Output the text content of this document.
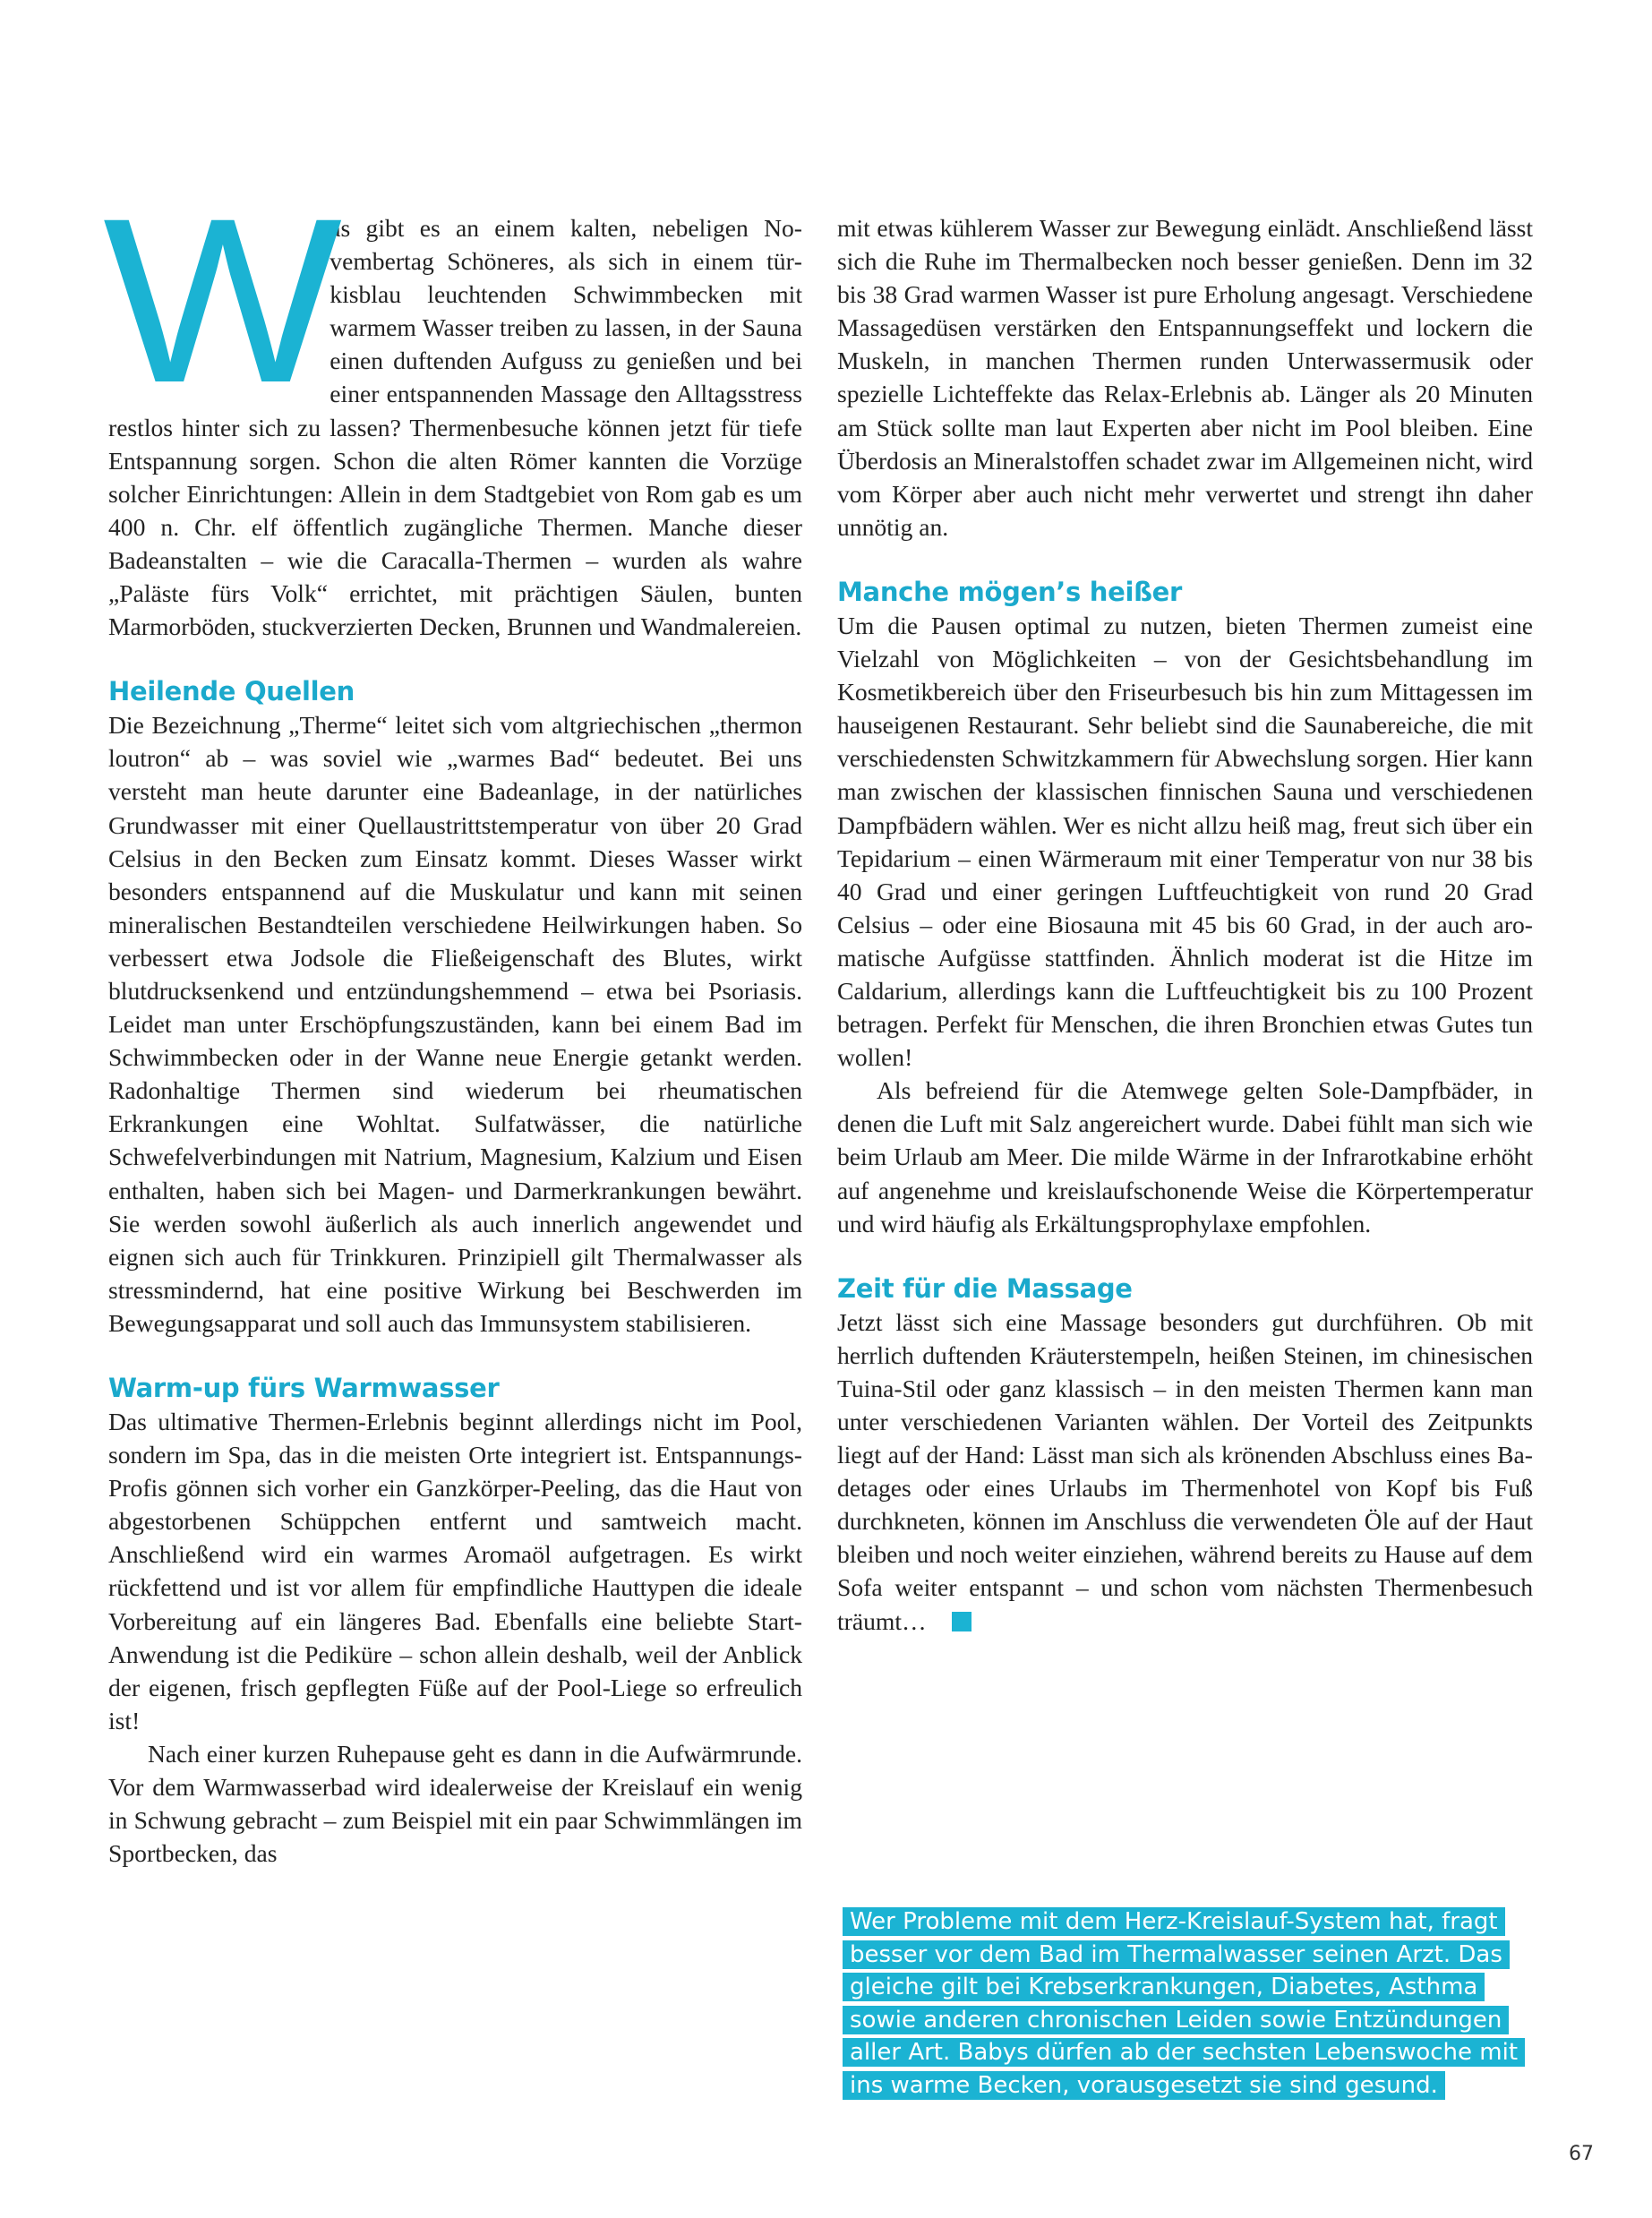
W

as gibt es an einem kalten, nebeligen Novembertag Schöneres, als sich in einem türkisblau leuchtenden Schwimmbecken mit warmem Wasser treiben zu lassen, in der Sauna einen duftenden Aufguss zu genießen und bei einer entspannenden Massage den Alltagsstress restlos hinter sich zu lassen? Thermenbesuche können jetzt für tiefe Entspannung sorgen. Schon die alten Römer kannten die Vorzüge solcher Einrichtungen: Allein in dem Stadtgebiet von Rom gab es um 400 n. Chr. elf öffentlich zugängliche Thermen. Manche dieser Badeanstalten – wie die Caracalla-Thermen – wurden als wahre „Paläste fürs Volk“ errichtet, mit prächtigen Säulen, bunten Marmorböden, stuckverzierten Decken, Brunnen und Wandmalereien.

Heilende Quellen

Die Bezeichnung „Therme“ leitet sich vom altgriechischen „thermon loutron“ ab – was soviel wie „warmes Bad“ bedeutet. Bei uns versteht man heute darunter eine Badeanlage, in der natürliches Grundwasser mit einer Quellaustrittstemperatur von über 20 Grad Celsius in den Becken zum Einsatz kommt. Dieses Wasser wirkt besonders entspannend auf die Muskulatur und kann mit seinen mineralischen Bestandteilen verschiedene Heilwirkungen haben. So verbessert etwa Jodsole die Fließeigenschaft des Blutes, wirkt blutdrucksenkend und entzündungshemmend – etwa bei Psoriasis. Leidet man unter Erschöpfungszuständen, kann bei einem Bad im Schwimmbecken oder in der Wanne neue Energie getankt werden. Radonhaltige Thermen sind wiederum bei rheumatischen Erkrankungen eine Wohltat. Sulfatwässer, die natürliche Schwefelverbindungen mit Natrium, Magnesium, Kalzium und Eisen enthalten, haben sich bei Magen- und Darmerkrankungen bewährt. Sie werden sowohl äußerlich als auch innerlich angewendet und eignen sich auch für Trinkkuren. Prinzipiell gilt Thermalwasser als stressmindernd, hat eine positive Wirkung bei Beschwerden im Bewegungsapparat und soll auch das Immunsystem stabilisieren.

Warm-up fürs Warmwasser

Das ultimative Thermen-Erlebnis beginnt allerdings nicht im Pool, sondern im Spa, das in die meisten Orte integriert ist. Entspannungs-Profis gönnen sich vorher ein Ganzkörper-Peeling, das die Haut von abgestorbenen Schüppchen entfernt und samtweich macht. Anschließend wird ein warmes Aromaöl aufgetragen. Es wirkt rückfettend und ist vor allem für empfindliche Hauttypen die ideale Vorbereitung auf ein längeres Bad. Ebenfalls eine beliebte Start-Anwendung ist die Pediküre – schon allein deshalb, weil der Anblick der eigenen, frisch gepflegten Füße auf der Pool-Liege so erfreulich ist!

Nach einer kurzen Ruhepause geht es dann in die Aufwärmrunde. Vor dem Warmwasserbad wird idealerweise der Kreislauf ein wenig in Schwung gebracht – zum Beispiel mit ein paar Schwimmlängen im Sportbecken, das

mit etwas kühlerem Wasser zur Bewegung einlädt. Anschließend lässt sich die Ruhe im Thermalbecken noch besser genießen. Denn im 32 bis 38 Grad warmen Wasser ist pure Erholung angesagt. Verschiedene Massagedüsen verstärken den Entspannungseffekt und lockern die Muskeln, in manchen Thermen runden Unterwassermusik oder spezielle Lichteffekte das Relax-Erlebnis ab. Länger als 20 Minuten am Stück sollte man laut Experten aber nicht im Pool bleiben. Eine Überdosis an Mineralstoffen schadet zwar im Allgemeinen nicht, wird vom Körper aber auch nicht mehr verwertet und strengt ihn daher unnötig an.

Manche mögen’s heißer

Um die Pausen optimal zu nutzen, bieten Thermen zumeist eine Vielzahl von Möglichkeiten – von der Gesichtsbehandlung im Kosmetikbereich über den Friseurbesuch bis hin zum Mittagessen im hauseigenen Restaurant. Sehr beliebt sind die Saunabereiche, die mit verschiedensten Schwitzkammern für Abwechslung sorgen. Hier kann man zwischen der klassischen finnischen Sauna und verschiedenen Dampfbädern wählen. Wer es nicht allzu heiß mag, freut sich über ein Tepidarium – einen Wärmeraum mit einer Temperatur von nur 38 bis 40 Grad und einer geringen Luftfeuchtigkeit von rund 20 Grad Celsius – oder eine Biosauna mit 45 bis 60 Grad, in der auch aromatische Aufgüsse stattfinden. Ähnlich moderat ist die Hitze im Caldarium, allerdings kann die Luftfeuchtigkeit bis zu 100 Prozent betragen. Perfekt für Menschen, die ihren Bronchien etwas Gutes tun wollen!

Als befreiend für die Atemwege gelten Sole-Dampfbäder, in denen die Luft mit Salz angereichert wurde. Dabei fühlt man sich wie beim Urlaub am Meer. Die milde Wärme in der Infrarotkabine erhöht auf angenehme und kreislaufschonende Weise die Körpertemperatur und wird häufig als Erkältungsprophylaxe empfohlen.

Zeit für die Massage

Jetzt lässt sich eine Massage besonders gut durchführen. Ob mit herrlich duftenden Kräuterstempeln, heißen Steinen, im chinesischen Tuina-Stil oder ganz klassisch – in den meisten Thermen kann man unter verschiedenen Varianten wählen. Der Vorteil des Zeitpunkts liegt auf der Hand: Lässt man sich als krönenden Abschluss eines Badetages oder eines Urlaubs im Thermenhotel von Kopf bis Fuß durchkneten, können im Anschluss die verwendeten Öle auf der Haut bleiben und noch weiter einziehen, während bereits zu Hause auf dem Sofa weiter entspannt – und schon vom nächsten Thermenbesuch träumt…

Wer Probleme mit dem Herz-Kreislauf-System hat, fragt besser vor dem Bad im Thermalwasser seinen Arzt. Das gleiche gilt bei Krebserkrankungen, Diabetes, Asthma sowie anderen chronischen Leiden sowie Entzündungen aller Art. Babys dürfen ab der sechsten Lebenswoche mit ins warme Becken, vorausgesetzt sie sind gesund.
67
